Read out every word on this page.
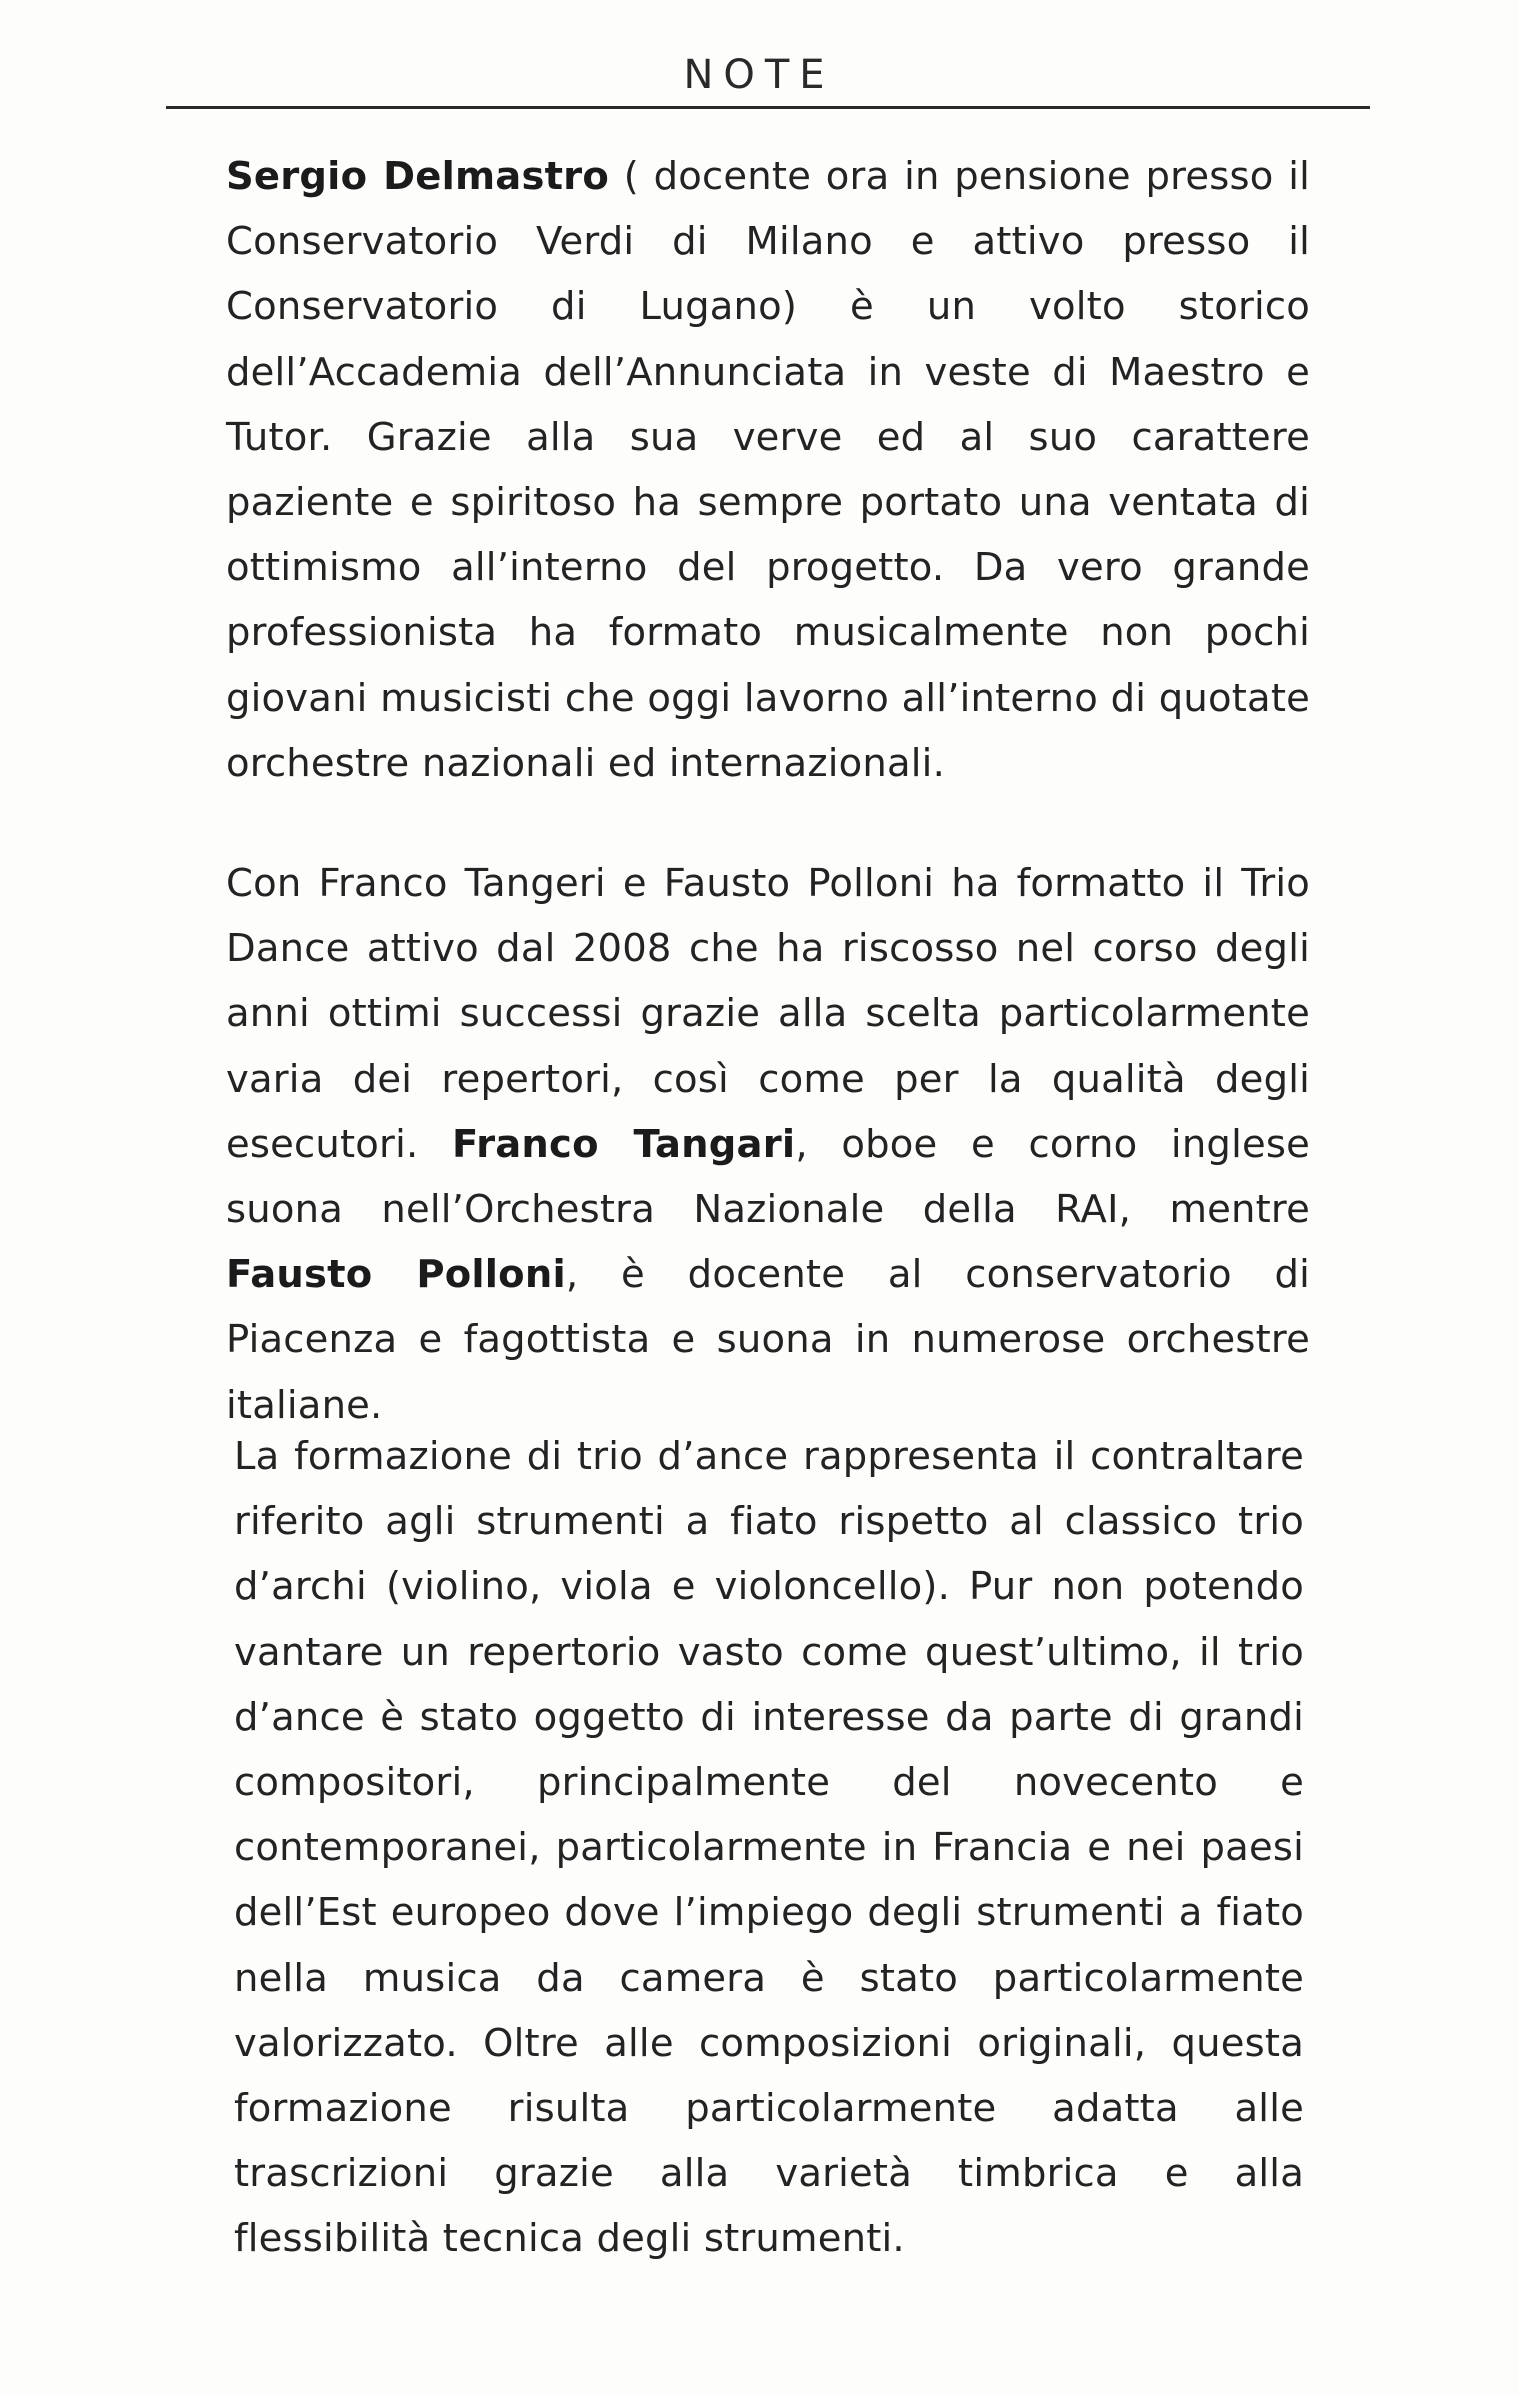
NOTE

Sergio Delmastro ( docente ora in pensione presso il Conservatorio Verdi di Milano e attivo presso il Conservatorio di Lugano) è un volto storico dell’Accademia dell’Annunciata in veste di Maestro e Tutor. Grazie alla sua verve ed al suo carattere paziente e spiritoso ha sempre portato una ventata di ottimismo all’interno del progetto. Da vero grande professionista ha formato musicalmente non pochi giovani musicisti che oggi lavorno all’interno di quotate orchestre nazionali ed internazionali.

Con Franco Tangeri e Fausto Polloni ha formatto il Trio Dance attivo dal 2008 che ha riscosso nel corso degli anni ottimi successi grazie alla scelta particolarmente varia dei repertori, così come per la qualità degli esecutori. Franco Tangari, oboe e corno inglese suona nell’Orchestra Nazionale della RAI, mentre Fausto Polloni, è docente al conservatorio di Piacenza e fagottista e suona in numerose orchestre italiane.

La formazione di trio d’ance rappresenta il contraltare riferito agli strumenti a fiato rispetto al classico trio d’archi (violino, viola e violoncello). Pur non potendo vantare un repertorio vasto come quest’ultimo, il trio d’ance è stato oggetto di interesse da parte di grandi compositori, principalmente del novecento e contemporanei, particolarmente in Francia e nei paesi dell’Est europeo dove l’impiego degli strumenti a fiato nella musica da camera è stato particolarmente valorizzato. Oltre alle composizioni originali, questa formazione risulta particolarmente adatta alle trascrizioni grazie alla varietà timbrica e alla flessibilità tecnica degli strumenti.
